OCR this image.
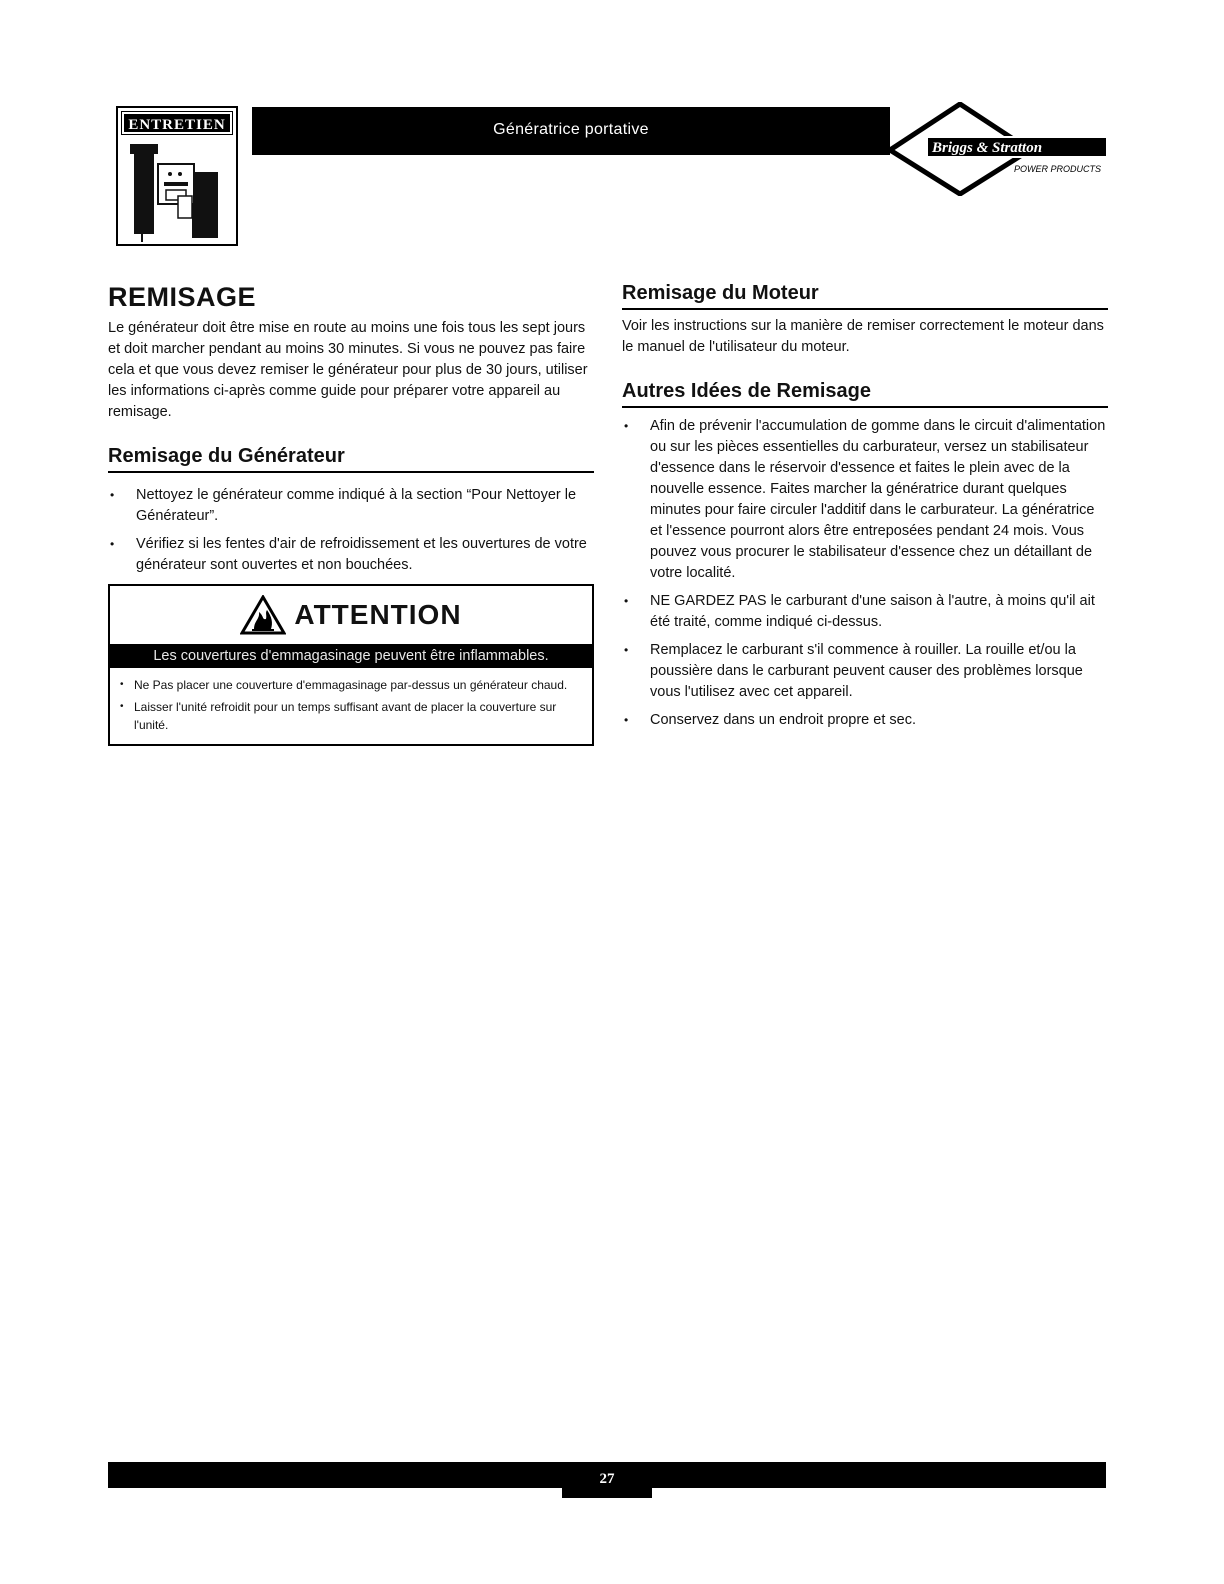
ENTRETIEN	Génératrice portative
Briggs & Stratton
POWER PRODUCTS
REMISAGE

Le générateur doit être mise en route au moins une fois tous les sept jours et doit marcher pendant au moins 30 minutes. Si vous ne pouvez pas faire cela et que vous devez remiser le générateur pour plus de 30 jours, utiliser les informations ci-après comme guide pour préparer votre appareil au remisage.

Remisage du Générateur
• Nettoyez le générateur comme indiqué à la section “Pour Nettoyer le Générateur”.
• Vérifiez si les fentes d'air de refroidissement et les ouvertures de votre générateur sont ouvertes et non bouchées.
ATTENTION
Les couvertures d'emmagasinage peuvent être inflammables.
• Ne Pas placer une couverture d'emmagasinage par-dessus un générateur chaud.
• Laisser l'unité refroidit pour un temps suffisant avant de placer la couverture sur l'unité.
Remisage du Moteur

Voir les instructions sur la manière de remiser correctement le moteur dans le manuel de l'utilisateur du moteur.

Autres Idées de Remisage
• Afin de prévenir l'accumulation de gomme dans le circuit d'alimentation ou sur les pièces essentielles du carburateur, versez un stabilisateur d'essence dans le réservoir d'essence et faites le plein avec de la nouvelle essence. Faites marcher la génératrice durant quelques minutes pour faire circuler l'additif dans le carburateur. La génératrice et l'essence pourront alors être entreposées pendant 24 mois. Vous pouvez vous procurer le stabilisateur d'essence chez un détaillant de votre localité.
• NE GARDEZ PAS le carburant d'une saison à l'autre, à moins qu'il ait été traité, comme indiqué ci-dessus.
• Remplacez le carburant s'il commence à rouiller. La rouille et/ou la poussière dans le carburant peuvent causer des problèmes lorsque vous l'utilisez avec cet appareil.
• Conservez dans un endroit propre et sec.
27
